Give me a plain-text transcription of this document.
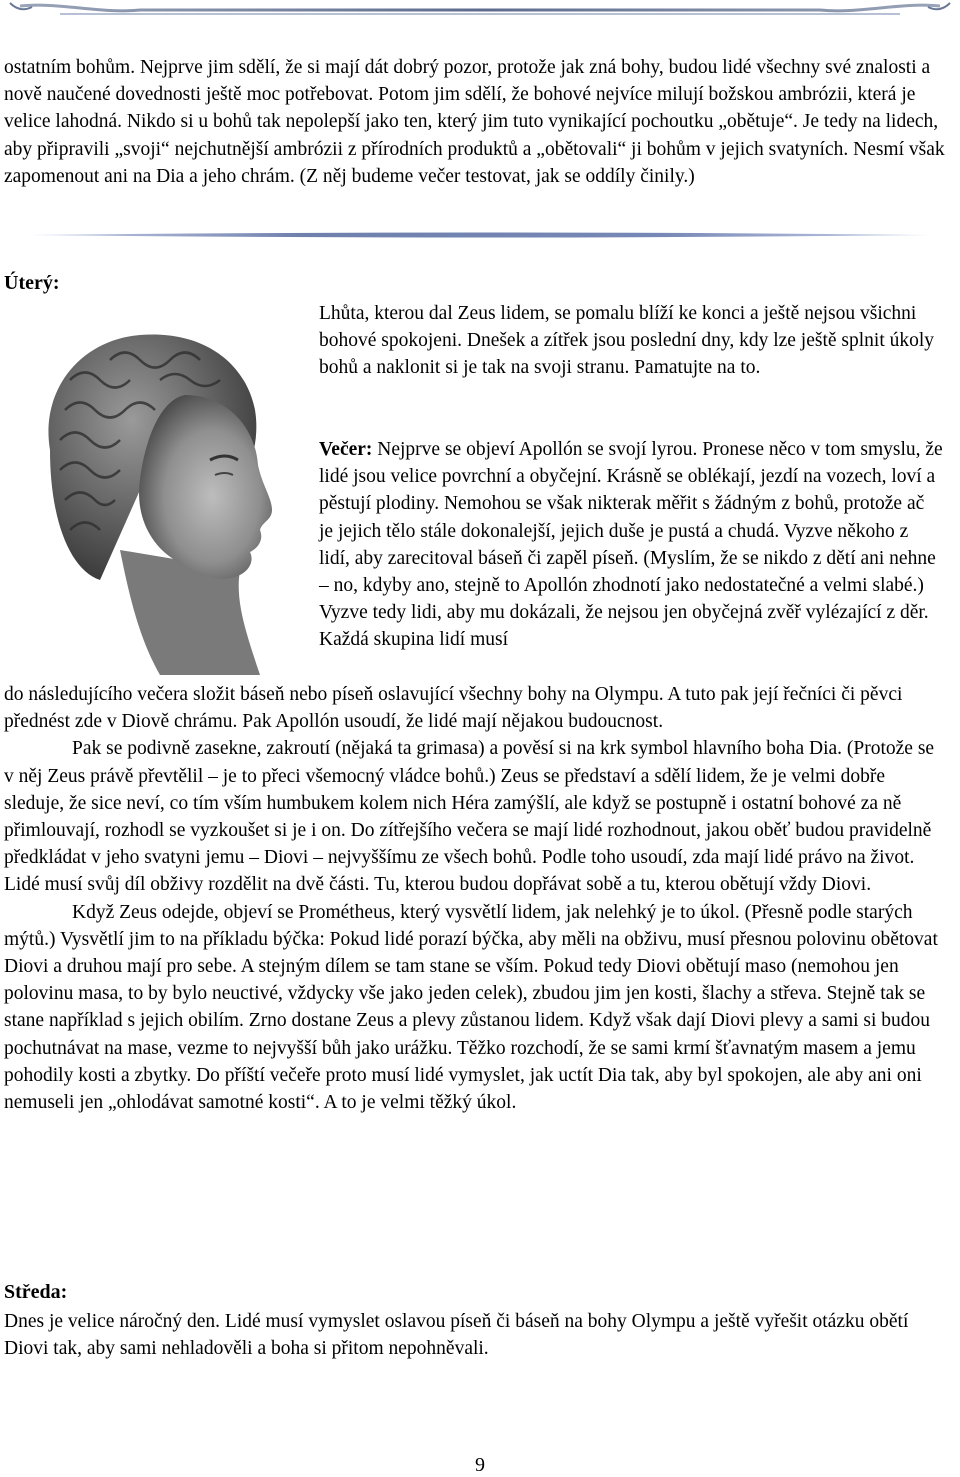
ostatním bohům. Nejprve jim sdělí, že si mají dát dobrý pozor, protože jak zná bohy, budou lidé všechny své znalosti a nově naučené dovednosti ještě moc potřebovat. Potom jim sdělí, že bohové nejvíce milují božskou ambrózii, která je velice lahodná. Nikdo si u bohů tak nepolepší jako ten, který jim tuto vynikající pochoutku „obětuje“. Je tedy na lidech, aby připravili „svoji“ nejchutnější ambrózii z přírodních produktů a „obětovali“ ji bohům v jejich svatyních. Nesmí však zapomenout ani na Dia a jeho chrám. (Z něj budeme večer testovat, jak se oddíly činily.)

Úterý:

Lhůta, kterou dal Zeus lidem, se pomalu blíží ke konci a ještě nejsou všichni bohové spokojeni. Dnešek a zítřek jsou poslední dny, kdy lze ještě splnit úkoly bohů a naklonit si je tak na svoji stranu. Pamatujte na to.

Večer: Nejprve se objeví Apollón se svojí lyrou. Pronese něco v tom smyslu, že lidé jsou velice povrchní a obyčejní. Krásně se oblékají, jezdí na vozech, loví a pěstují plodiny. Nemohou se však nikterak měřit s žádným z bohů, protože ač je jejich tělo stále dokonalejší, jejich duše je pustá a chudá. Vyzve někoho z lidí, aby zarecitoval báseň či zapěl píseň. (Myslím, že se nikdo z dětí ani nehne – no, kdyby ano, stejně to Apollón zhodnotí jako nedostatečné a velmi slabé.) Vyzve tedy lidi, aby mu dokázali, že nejsou jen obyčejná zvěř vylézající z děr. Každá skupina lidí musí

do následujícího večera složit báseň nebo píseň oslavující všechny bohy na Olympu. A tuto pak její řečníci či pěvci přednést zde v Diově chrámu. Pak Apollón usoudí, že lidé mají nějakou budoucnost.
Pak se podivně zasekne, zakroutí (nějaká ta grimasa) a pověsí si na krk symbol hlavního boha Dia. (Protože se v něj Zeus právě převtělil – je to přeci všemocný vládce bohů.) Zeus se představí a sdělí lidem, že je velmi dobře sleduje, že sice neví, co tím vším humbukem kolem nich Héra zamýšlí, ale když se postupně i ostatní bohové za ně přimlouvají, rozhodl se vyzkoušet si je i on. Do zítřejšího večera se mají lidé rozhodnout, jakou oběť budou pravidelně předkládat v jeho svatyni jemu – Diovi – nejvyššímu ze všech bohů. Podle toho usoudí, zda mají lidé právo na život. Lidé musí svůj díl obživy rozdělit na dvě části. Tu, kterou budou dopřávat sobě a tu, kterou obětují vždy Diovi.
Když Zeus odejde, objeví se Prométheus, který vysvětlí lidem, jak nelehký je to úkol. (Přesně podle starých mýtů.) Vysvětlí jim to na příkladu býčka: Pokud lidé porazí býčka, aby měli na obživu, musí přesnou polovinu obětovat Diovi a druhou mají pro sebe. A stejným dílem se tam stane se vším. Pokud tedy Diovi obětují maso (nemohou jen polovinu masa, to by bylo neuctivé, vždycky vše jako jeden celek), zbudou jim jen kosti, šlachy a střeva. Stejně tak se stane například s jejich obilím. Zrno dostane Zeus a plevy zůstanou lidem. Když však dají Diovi plevy a sami si budou pochutnávat na mase, vezme to nejvyšší bůh jako urážku. Těžko rozchodí, že se sami krmí šťavnatým masem a jemu pohodily kosti a zbytky. Do příští večeře proto musí lidé vymyslet, jak uctít Dia tak, aby byl spokojen, ale aby ani oni nemuseli jen „ohlodávat samotné kosti“. A to je velmi těžký úkol.
Středa:

Dnes je velice náročný den. Lidé musí vymyslet oslavou píseň či báseň na bohy Olympu a ještě vyřešit otázku obětí Diovi tak, aby sami nehladověli a boha si přitom nepohněvali.

9
